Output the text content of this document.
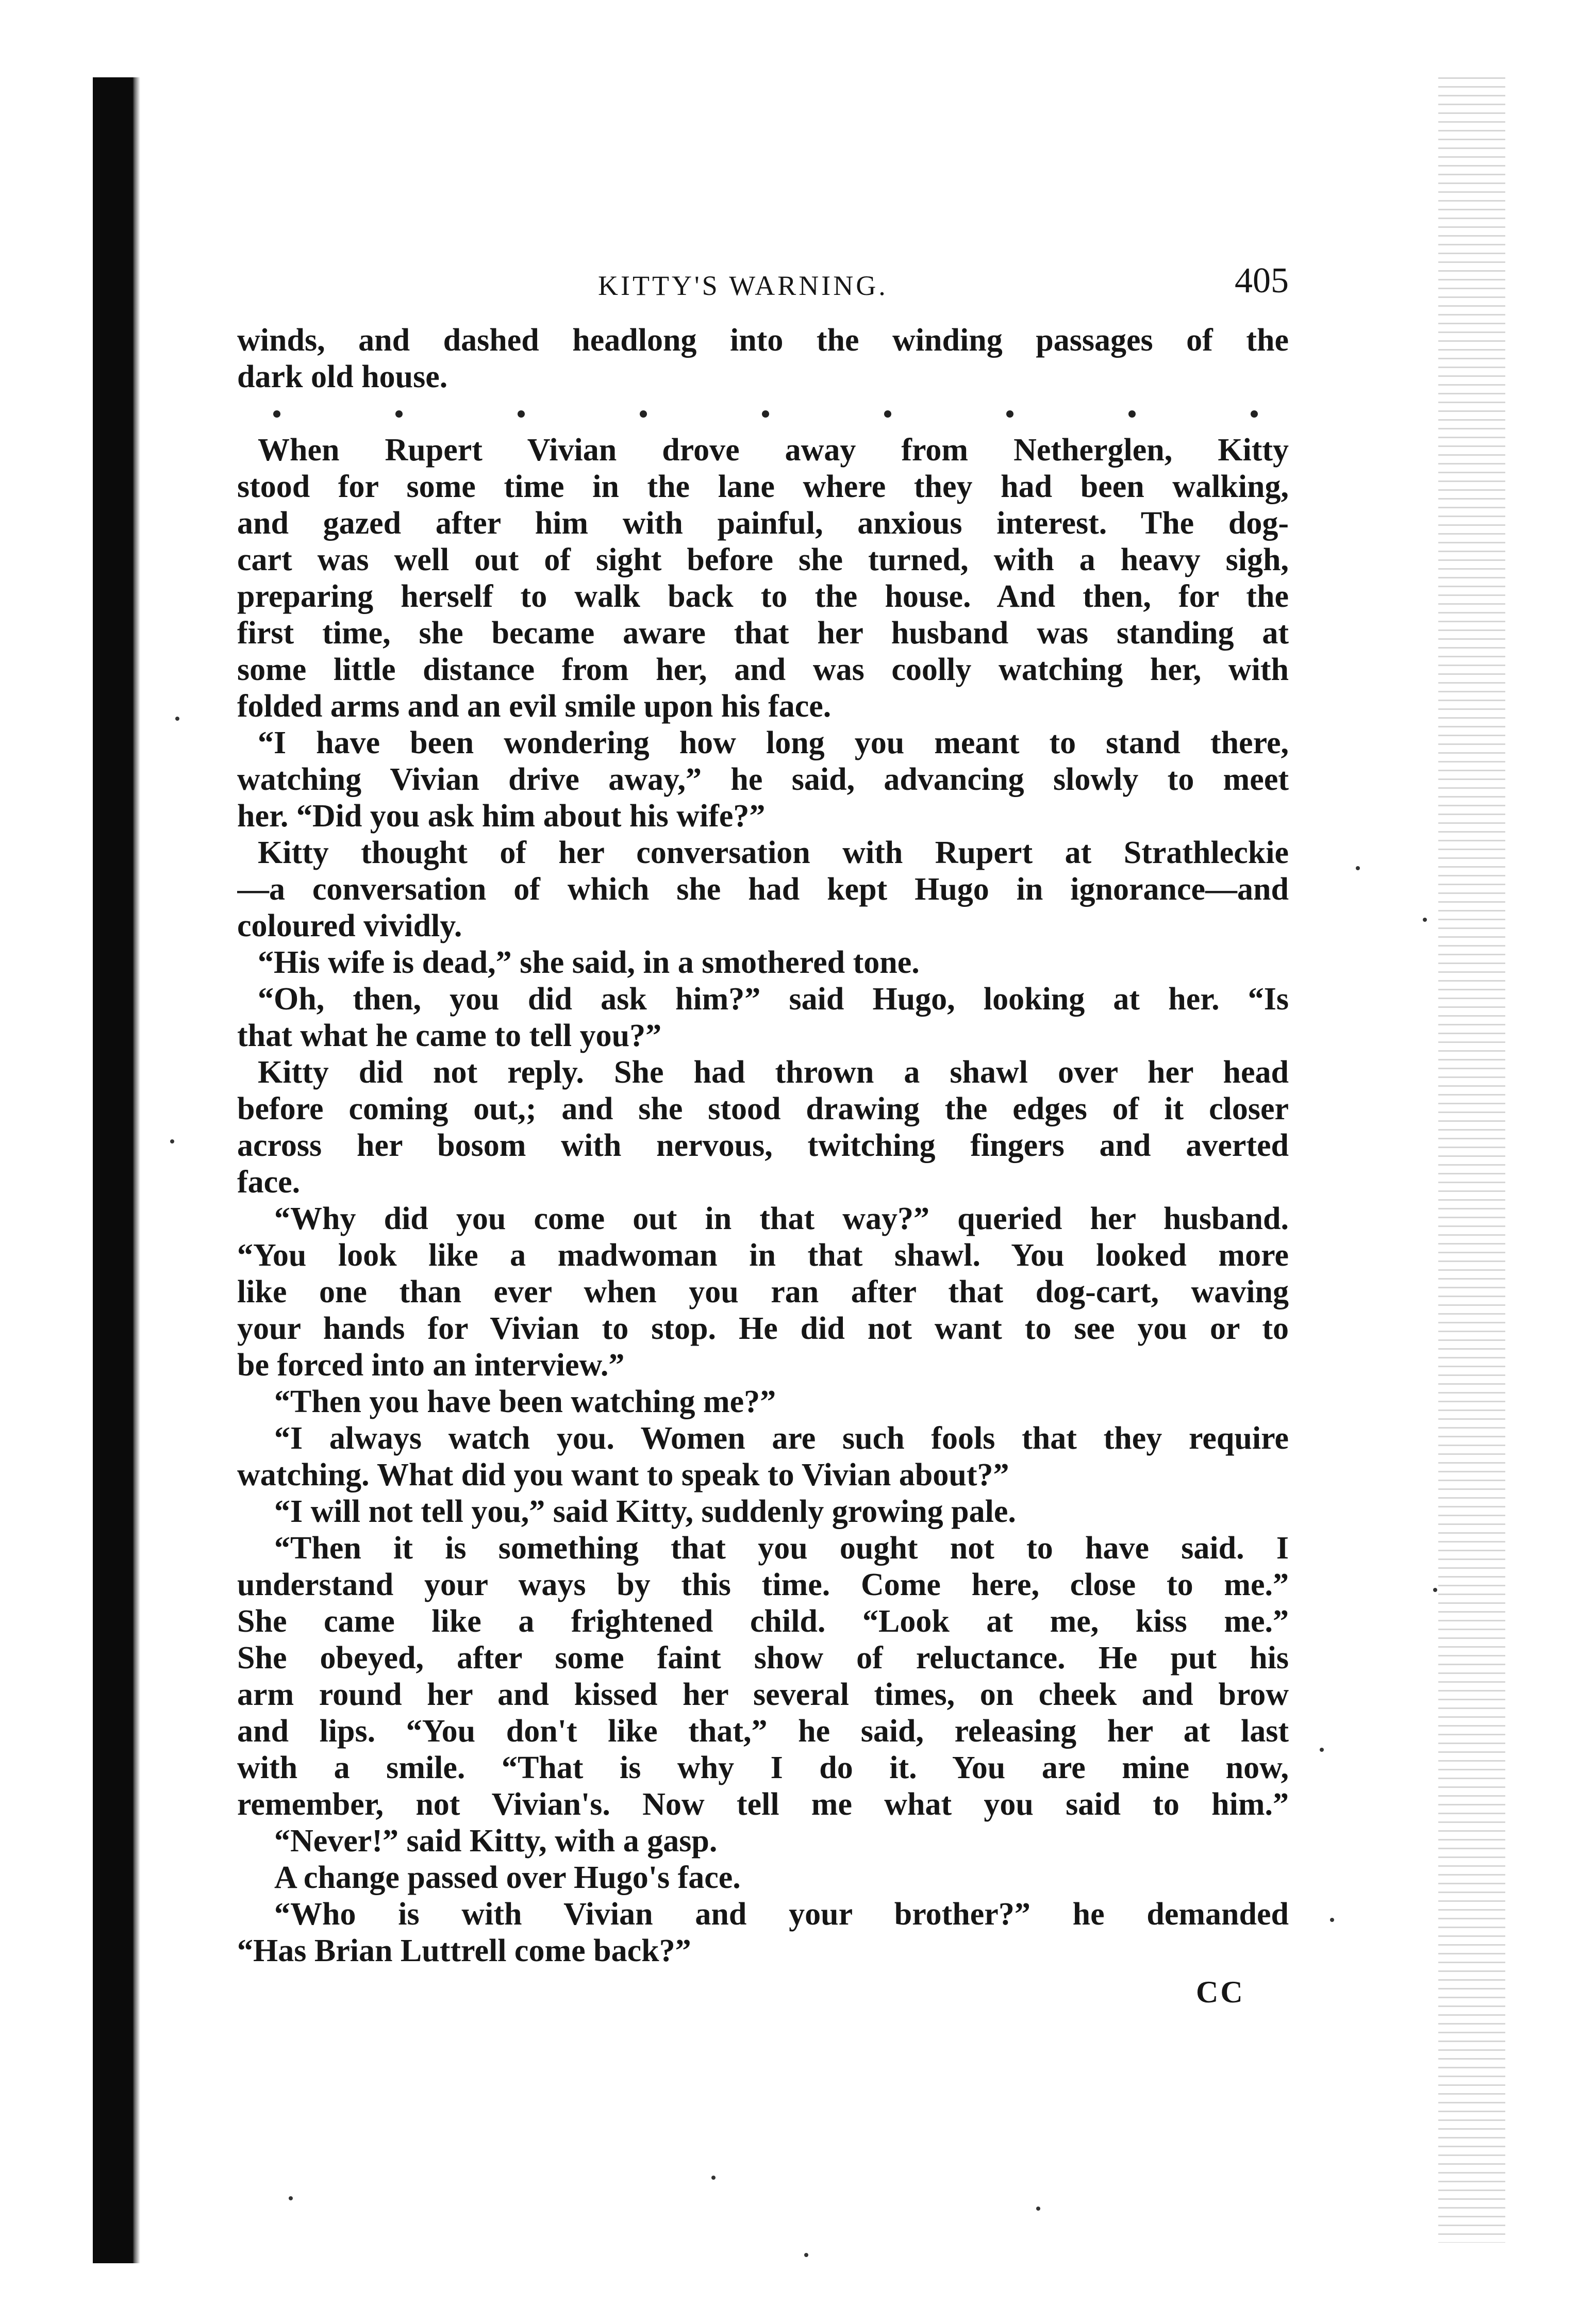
KITTY'S WARNING.	405
winds, and dashed headlong into the winding passages of the
dark old house.
When Rupert Vivian drove away from Netherglen, Kitty
stood for some time in the lane where they had been walking,
and gazed after him with painful, anxious interest. The dog-
cart was well out of sight before she turned, with a heavy sigh,
preparing herself to walk back to the house. And then, for the
first time, she became aware that her husband was standing at
some little distance from her, and was coolly watching her, with
folded arms and an evil smile upon his face.
“I have been wondering how long you meant to stand there,
watching Vivian drive away,” he said, advancing slowly to meet
her. “Did you ask him about his wife?”
Kitty thought of her conversation with Rupert at Strathleckie
—a conversation of which she had kept Hugo in ignorance—and
coloured vividly.
“His wife is dead,” she said, in a smothered tone.
“Oh, then, you did ask him?” said Hugo, looking at her. “Is
that what he came to tell you?”
Kitty did not reply. She had thrown a shawl over her head
before coming out,; and she stood drawing the edges of it closer
across her bosom with nervous, twitching fingers and averted
face.
“Why did you come out in that way?” queried her husband.
“You look like a madwoman in that shawl. You looked more
like one than ever when you ran after that dog-cart, waving
your hands for Vivian to stop. He did not want to see you or to
be forced into an interview.”
“Then you have been watching me?”
“I always watch you. Women are such fools that they require
watching. What did you want to speak to Vivian about?”
“I will not tell you,” said Kitty, suddenly growing pale.
“Then it is something that you ought not to have said. I
understand your ways by this time. Come here, close to me.”
She came like a frightened child. “Look at me, kiss me.”
She obeyed, after some faint show of reluctance. He put his
arm round her and kissed her several times, on cheek and brow
and lips. “You don't like that,” he said, releasing her at last
with a smile. “That is why I do it. You are mine now,
remember, not Vivian's. Now tell me what you said to him.”
“Never!” said Kitty, with a gasp.
A change passed over Hugo's face.
“Who is with Vivian and your brother?” he demanded
“Has Brian Luttrell come back?”
CC
